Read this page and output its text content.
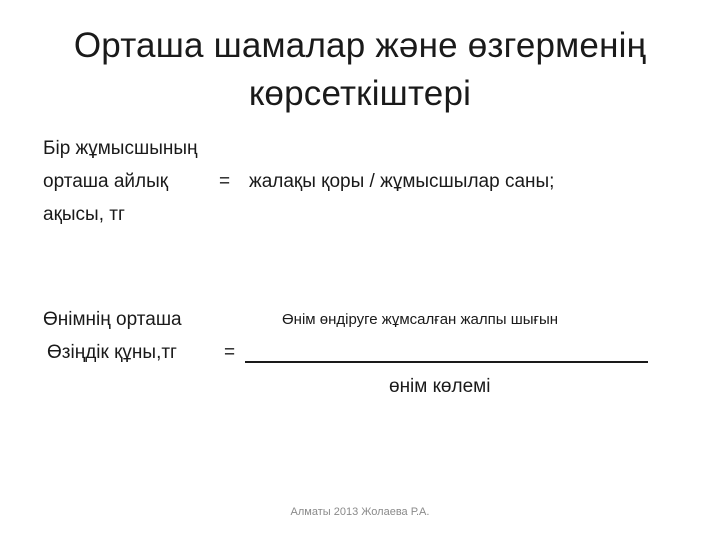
Орташа шамалар және өзгерменің
көрсеткіштері
Бір жұмысшының
орташа айлық
ақысы, тг
= жалақы қоры / жұмысшылар саны;
Өнімнің орташа
Өзіңдік құны,тг =
Өнім өндіруге жұмсалған жалпы шығын
өнім көлемі
Алматы 2013 Жолаева Р.А.
